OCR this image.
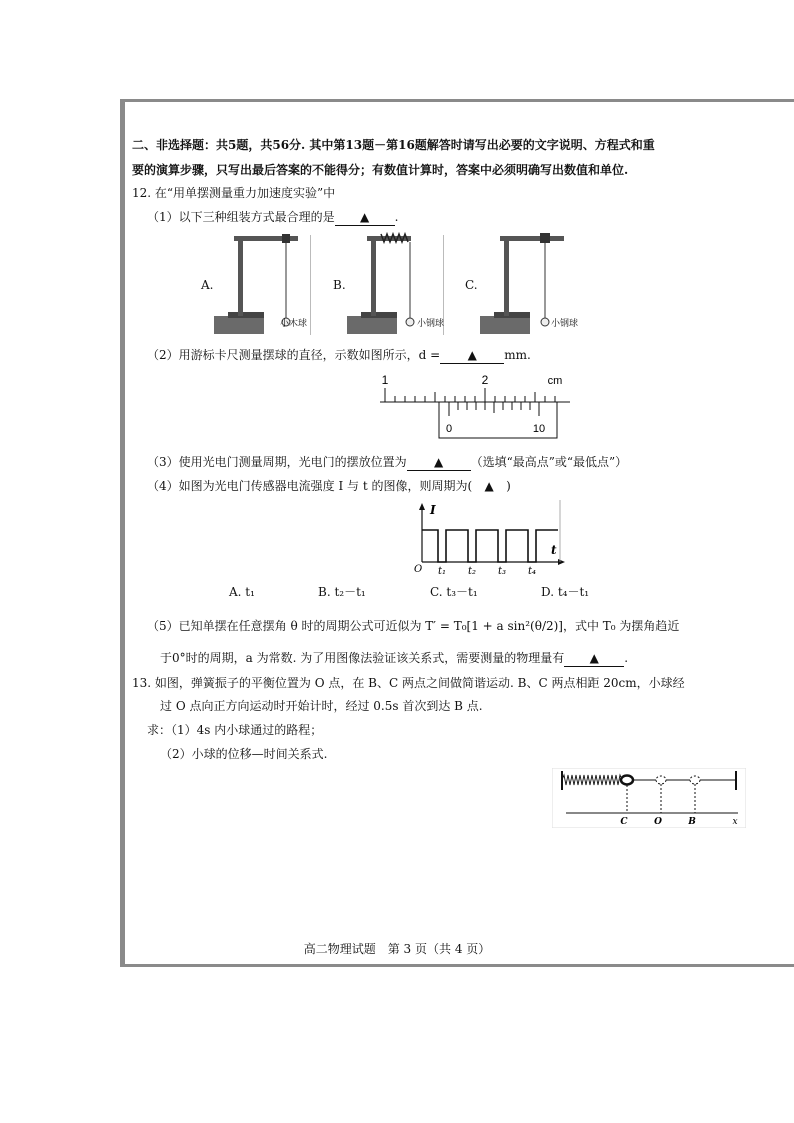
二、非选择题：共5题，共56分. 其中第13题－第16题解答时请写出必要的文字说明、方程式和重
要的演算步骤，只写出最后答案的不能得分；有数值计算时，答案中必须明确写出数值和单位.
12. 在“用单摆测量重力加速度实验”中
（1）以下三种组装方式最合理的是 ▲ .
A.	B.	C.
小木球	小钢球	小钢球
（2）用游标卡尺测量摆球的直径，示数如图所示，d = ▲ mm.
1	2	cm
0	10
（3）使用光电门测量周期，光电门的摆放位置为 ▲ （选填“最高点”或“最低点”）
（4）如图为光电门传感器电流强度 I 与 t 的图像，则周期为( ▲ )
I
t
O t₁ t₂ t₃ t₄
A. t₁	B. t₂－t₁	C. t₃－t₁	D. t₄－t₁
（5）已知单摆在任意摆角 θ 时的周期公式可近似为 T′ = T₀[1 + a sin²(θ/2)]，式中 T₀ 为摆角趋近
于0°时的周期，a 为常数. 为了用图像法验证该关系式，需要测量的物理量有 ▲ .
13. 如图，弹簧振子的平衡位置为 O 点，在 B、C 两点之间做简谐运动. B、C 两点相距 20cm，小球经
过 O 点向正方向运动时开始计时，经过 0.5s 首次到达 B 点.
求：（1）4s 内小球通过的路程；
（2）小球的位移—时间关系式.
C	O	B	x
高二物理试题　第 3 页（共 4 页）
